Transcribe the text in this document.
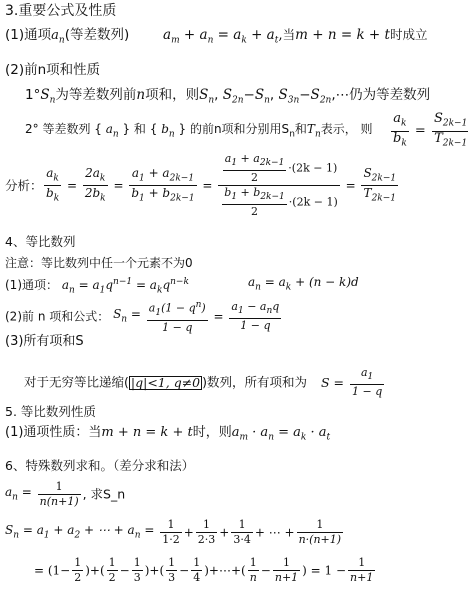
3.重要公式及性质
(1)通项$a_n$(等差数列)	$a_m + a_n = a_k + a_t$,当m + n = k + t时成立
(2)前n项和性质
$1^\circ S_n$为等差数列前n项和，则$S_n$, $S_{2n}-S_n$, $S_{3n}-S_{2n},\cdots$仍为等差数列
2° 等差数列 { $a_n$ } 和 { $b_n$ } 的前n项和分别用$S_n$和$T_n$表示， 则 $\frac{a_k}{b_k} = \frac{S_{2k-1}}{T_{2k-1}}$
分析： $\frac{a_k}{b_k} = \frac{2a_k}{2b_k} = \frac{a_1 + a_{2k-1}}{b_1 + b_{2k-1}} = \frac{\frac{a_1 + a_{2k-1}}{2} \cdot(2k - 1)}{\frac{b_1 + b_{2k-1}}{2} \cdot(2k - 1)} = \frac{S_{2k-1}}{T_{2k-1}}$
4、等比数列
注意：等比数列中任一个元素不为0
(1)通项： $a_n = a_1q^{n-1} = a_kq^{n-k}$	$a_n = a_k + (n - k)d$
(2)前 n 项和公式： $S_n = \frac{a_1(1 - q^n)}{1 - q} = \frac{a_1 - a_nq}{1 - q}$
(3)所有项和S
对于无穷等比递缩( |q|<1, q≠0 )数列，所有项和为 $S = \frac{a_1}{1 - q}$
5. 等比数列性质
(1)通项性质：当m + n = k + t时，则$a_m \cdot a_n = a_k \cdot a_t$
6、特殊数列求和。（差分求和法）
$a_n = \frac{1}{n(n+1)}$ , 求S_n
$S_n = a_1 + a_2$ + ⋯ + $a_n = \frac{1}{1\cdot 2} + \frac{1}{2\cdot 3} + \frac{1}{3\cdot 4}$ + ⋯ + $\frac{1}{n\cdot(n+1)}$
= ($1- \frac{1}{2}$ )+( $\frac{1}{2} - \frac{1}{3}$ )+( $\frac{1}{3} - \frac{1}{4}$ )+⋯+( $\frac{1}{n} - \frac{1}{n+1}$ ) = $1 - \frac{1}{n+1}$
